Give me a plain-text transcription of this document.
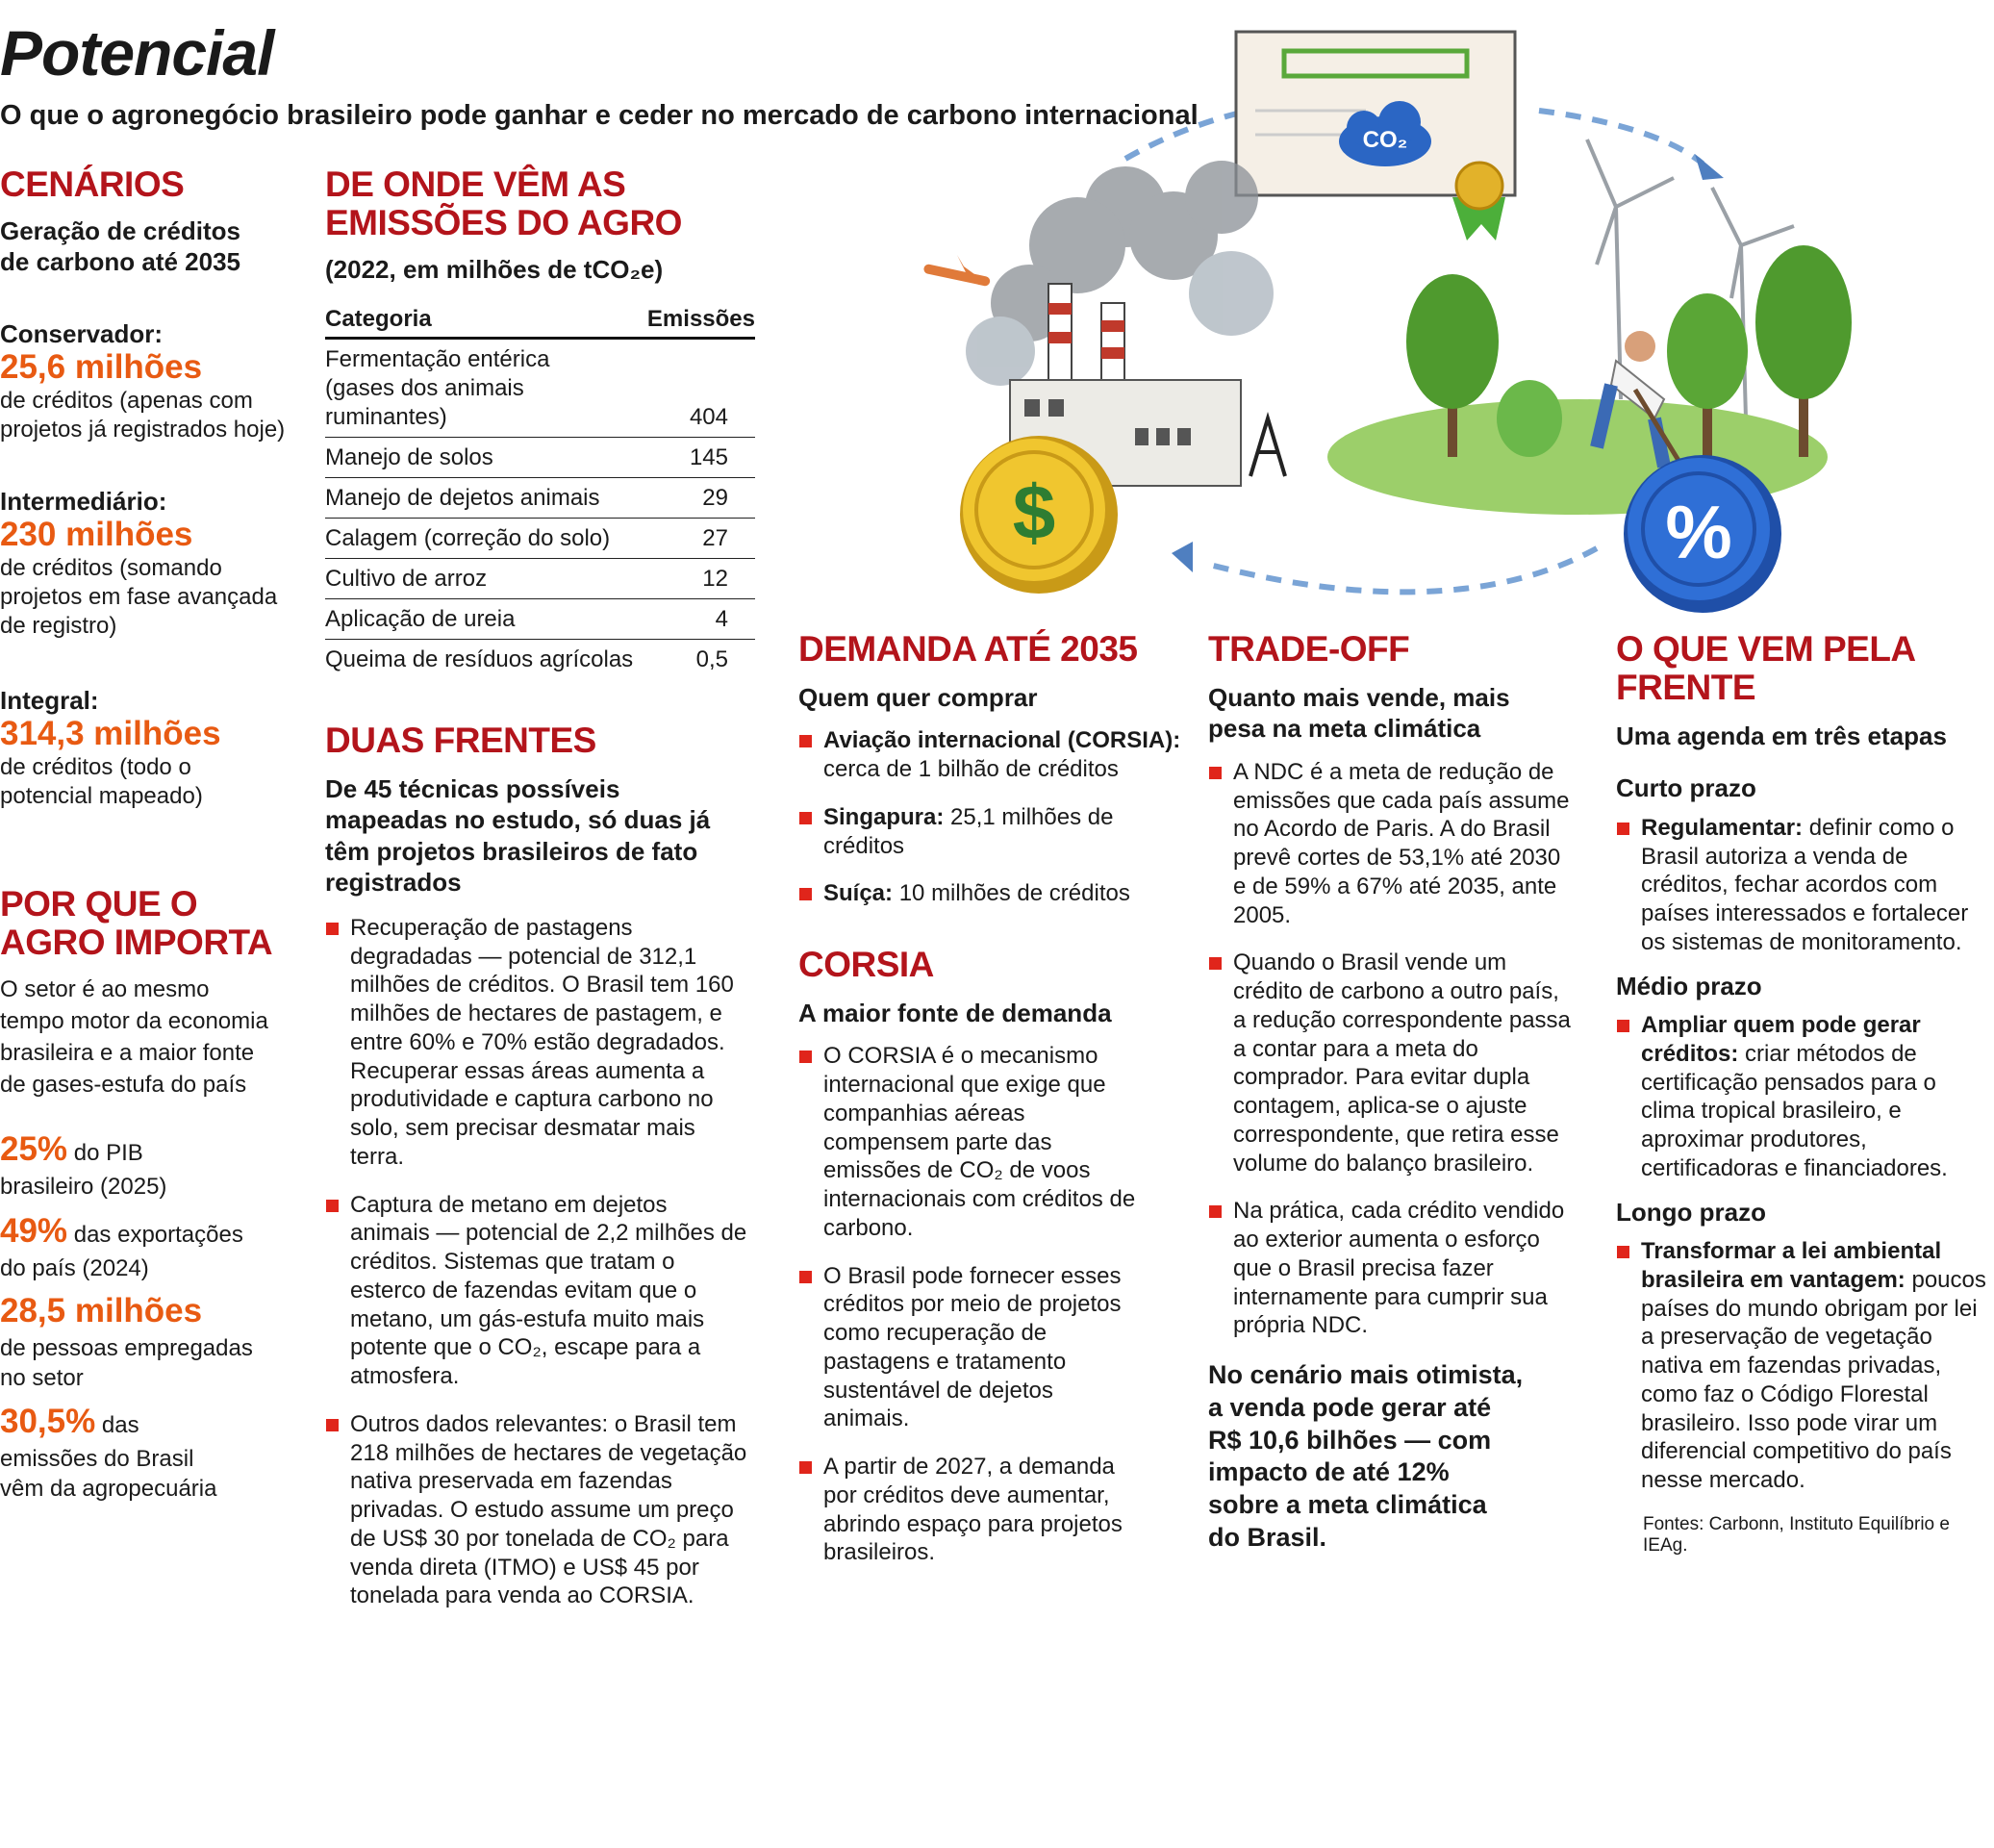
Potencial
O que o agronegócio brasileiro pode ganhar e ceder no mercado de carbono internacional
CENÁRIOS
Geração de créditos
de carbono até 2035
Conservador:
25,6 milhões
de créditos (apenas com
projetos já registrados hoje)
Intermediário:
230 milhões
de créditos (somando
projetos em fase avançada
de registro)
Integral:
314,3 milhões
de créditos (todo o
potencial mapeado)
POR QUE O
AGRO IMPORTA
O setor é ao mesmo
tempo motor da economia
brasileira e a maior fonte
de gases-estufa do país
25% do PIB
brasileiro (2025)
49% das exportações
do país (2024)
28,5 milhões
de pessoas empregadas
no setor
30,5% das
emissões do Brasil
vêm da agropecuária
DE ONDE VÊM AS
EMISSÕES DO AGRO
(2022, em milhões de tCO₂e)
Categoria	Emissões

Fermentação entérica
(gases dos animais ruminantes)	404
Manejo de solos	145
Manejo de dejetos animais	29
Calagem (correção do solo)	27
Cultivo de arroz	12
Aplicação de ureia	4
Queima de resíduos agrícolas	0,5
DUAS FRENTES
De 45 técnicas possíveis mapeadas no estudo, só duas já têm projetos brasileiros de fato registrados
Recuperação de pastagens degradadas — potencial de 312,1 milhões de créditos. O Brasil tem 160 milhões de hectares de pastagem, e entre 60% e 70% estão degradados. Recuperar essas áreas aumenta a produtividade e captura carbono no solo, sem precisar desmatar mais terra.
Captura de metano em dejetos animais — potencial de 2,2 milhões de créditos. Sistemas que tratam o esterco de fazendas evitam que o metano, um gás-estufa muito mais potente que o CO₂, escape para a atmosfera.
Outros dados relevantes: o Brasil tem 218 milhões de hectares de vegetação nativa preservada em fazendas privadas. O estudo assume um preço de US$ 30 por tonelada de CO₂ para venda direta (ITMO) e US$ 45 por tonelada para venda ao CORSIA.
CO₂
$	%
DEMANDA ATÉ 2035
Quem quer comprar
Aviação internacional (CORSIA): cerca de 1 bilhão de créditos
Singapura: 25,1 milhões de créditos
Suíça: 10 milhões de créditos
CORSIA
A maior fonte de demanda
O CORSIA é o mecanismo internacional que exige que companhias aéreas compensem parte das emissões de CO₂ de voos internacionais com créditos de carbono.
O Brasil pode fornecer esses créditos por meio de projetos como recuperação de pastagens e tratamento sustentável de dejetos animais.
A partir de 2027, a demanda por créditos deve aumentar, abrindo espaço para projetos brasileiros.
TRADE-OFF
Quanto mais vende, mais pesa na meta climática
A NDC é a meta de redução de emissões que cada país assume no Acordo de Paris. A do Brasil prevê cortes de 53,1% até 2030 e de 59% a 67% até 2035, ante 2005.
Quando o Brasil vende um crédito de carbono a outro país, a redução correspondente passa a contar para a meta do comprador. Para evitar dupla contagem, aplica-se o ajuste correspondente, que retira esse volume do balanço brasileiro.
Na prática, cada crédito vendido ao exterior aumenta o esforço que o Brasil precisa fazer internamente para cumprir sua própria NDC.
No cenário mais otimista, a venda pode gerar até R$ 10,6 bilhões — com impacto de até 12% sobre a meta climática do Brasil.
O QUE VEM PELA
FRENTE
Uma agenda em três etapas
Curto prazo
Regulamentar: definir como o Brasil autoriza a venda de créditos, fechar acordos com países interessados e fortalecer os sistemas de monitoramento.
Médio prazo
Ampliar quem pode gerar créditos: criar métodos de certificação pensados para o clima tropical brasileiro, e aproximar produtores, certificadoras e financiadores.
Longo prazo
Transformar a lei ambiental brasileira em vantagem: poucos países do mundo obrigam por lei a preservação de vegetação nativa em fazendas privadas, como faz o Código Florestal brasileiro. Isso pode virar um diferencial competitivo do país nesse mercado.
Fontes: Carbonn, Instituto Equilíbrio e IEAg.
